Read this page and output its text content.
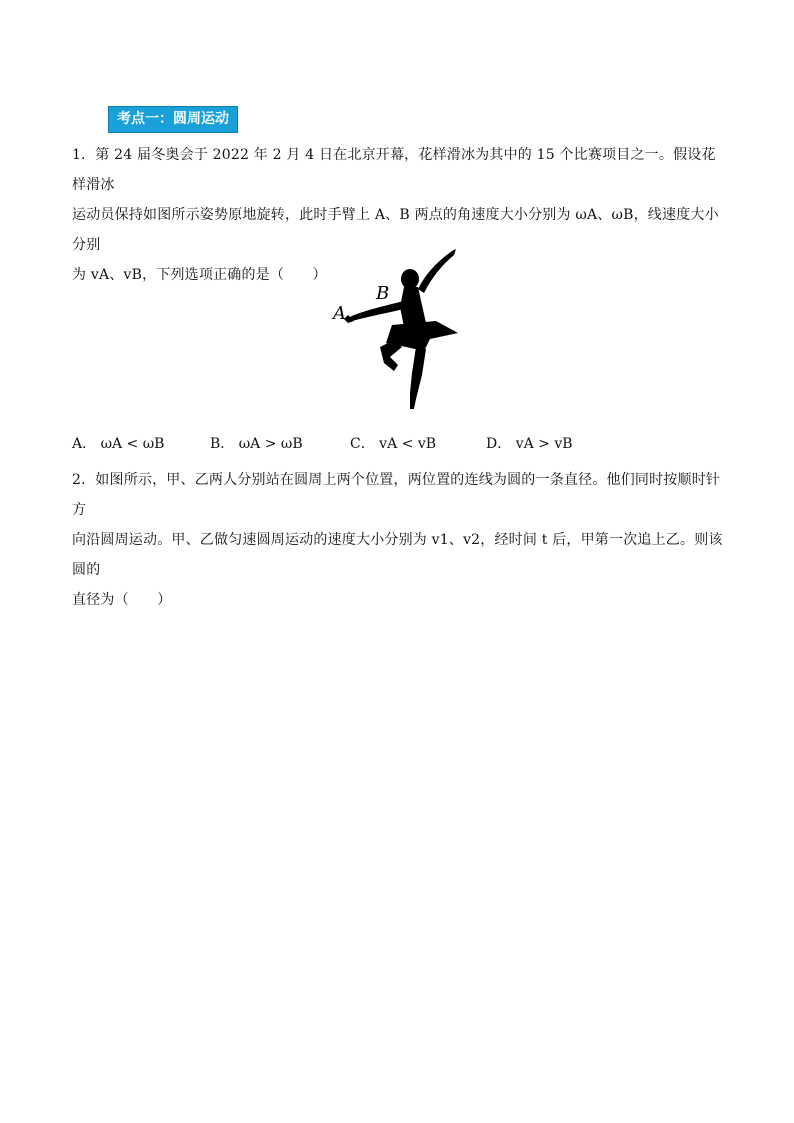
考点一：圆周运动
1．第 24 届冬奥会于 2022 年 2 月 4 日在北京开幕，花样滑冰为其中的 15 个比赛项目之一。假设花样滑冰
运动员保持如图所示姿势原地旋转，此时手臂上 A、B 两点的角速度大小分别为 ωA、ωB，线速度大小分别
为 vA、vB，下列选项正确的是（　　）
A
B
A． ωA < ωB	B． ωA > ωB	C． vA < vB	D． vA > vB
2．如图所示，甲、乙两人分别站在圆周上两个位置，两位置的连线为圆的一条直径。他们同时按顺时针方
向沿圆周运动。甲、乙做匀速圆周运动的速度大小分别为 v1、v2，经时间 t 后，甲第一次追上乙。则该圆的
直径为（　　）
